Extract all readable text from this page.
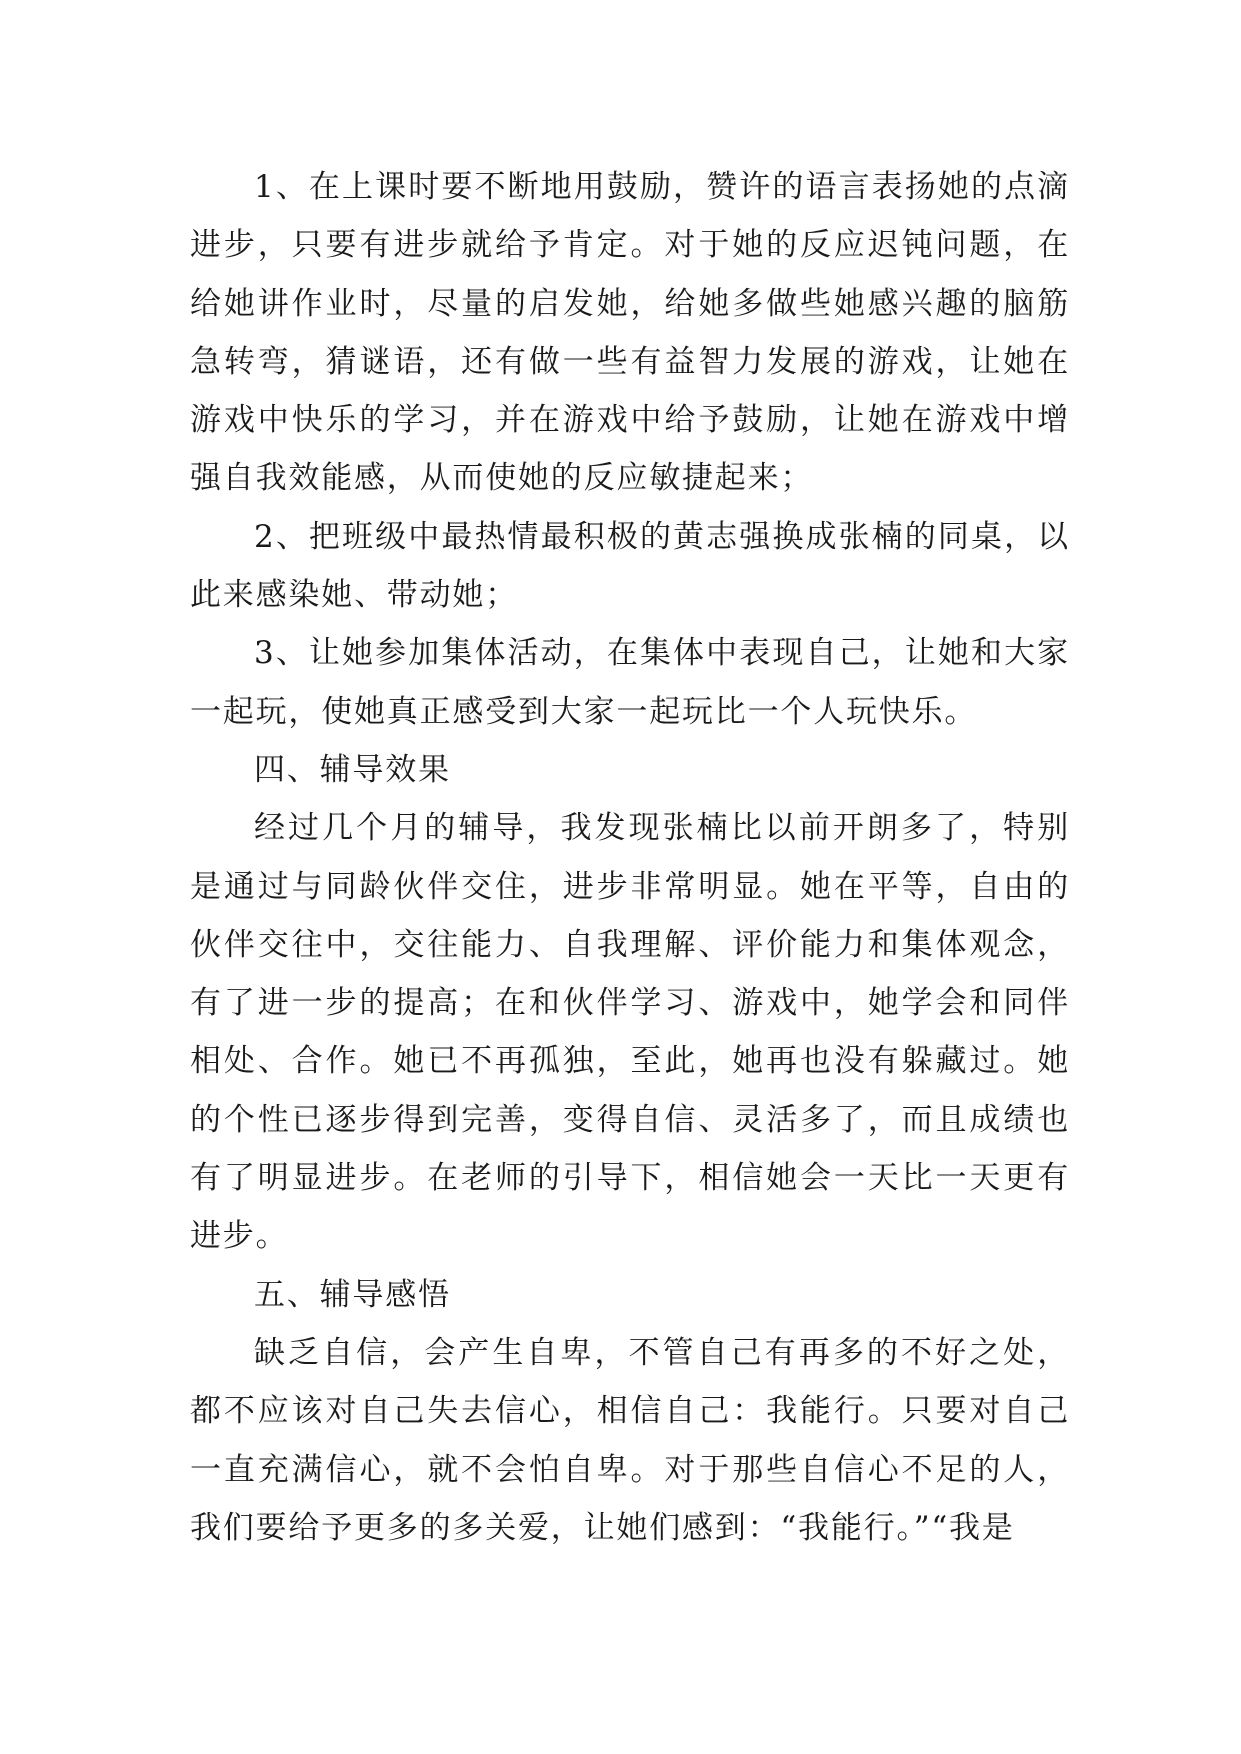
1、在上课时要不断地用鼓励，赞许的语言表扬她的点滴进步，只要有进步就给予肯定。对于她的反应迟钝问题，在给她讲作业时，尽量的启发她，给她多做些她感兴趣的脑筋急转弯，猜谜语，还有做一些有益智力发展的游戏，让她在游戏中快乐的学习，并在游戏中给予鼓励，让她在游戏中增强自我效能感，从而使她的反应敏捷起来；

2、把班级中最热情最积极的黄志强换成张楠的同桌，以此来感染她、带动她；

3、让她参加集体活动，在集体中表现自己，让她和大家一起玩，使她真正感受到大家一起玩比一个人玩快乐。

四、辅导效果

经过几个月的辅导，我发现张楠比以前开朗多了，特别是通过与同龄伙伴交住，进步非常明显。她在平等，自由的伙伴交往中，交往能力、自我理解、评价能力和集体观念，有了进一步的提高；在和伙伴学习、游戏中，她学会和同伴相处、合作。她已不再孤独，至此，她再也没有躲藏过。她的个性已逐步得到完善，变得自信、灵活多了，而且成绩也有了明显进步。在老师的引导下，相信她会一天比一天更有进步。

五、辅导感悟

缺乏自信，会产生自卑，不管自己有再多的不好之处，都不应该对自己失去信心，相信自己：我能行。只要对自己一直充满信心，就不会怕自卑。对于那些自信心不足的人，我们要给予更多的多关爱，让她们感到：“我能行。”“我是
